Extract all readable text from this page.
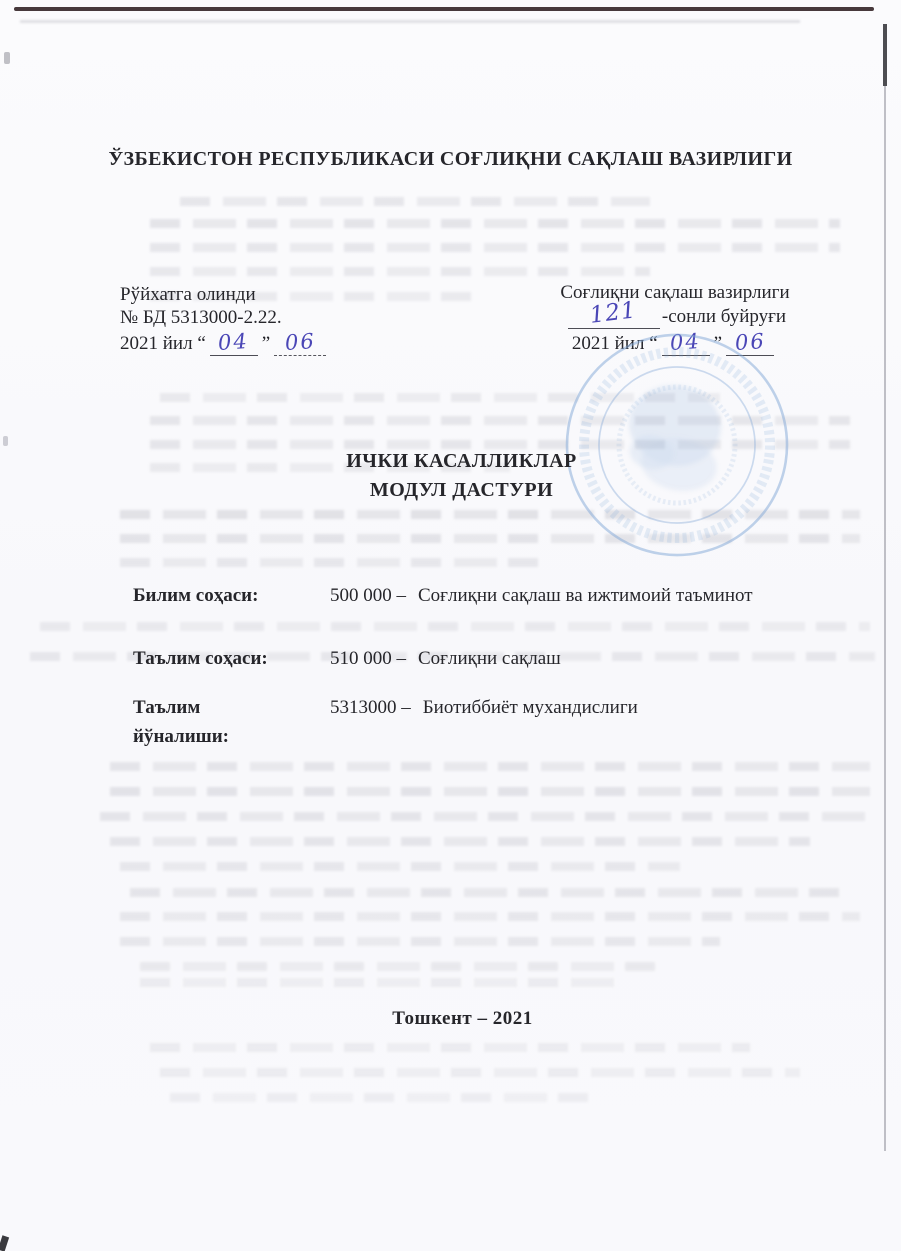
ЎЗБЕКИСТОН РЕСПУБЛИКАСИ СОҒЛИҚНИ САҚЛАШ ВАЗИРЛИГИ
Рўйхатга олинди
№ БД 5313000-2.22.
2021 йил “ 04 ” 06
Соғлиқни сақлаш вазирлиги
121 -сонли буйруғи
2021 йил “ 04 ” 06
ИЧКИ КАСАЛЛИКЛАР
МОДУЛ ДАСТУРИ
Билим соҳаси:	500 000 – Соғлиқни сақлаш ва ижтимоий таъминот
Таълим соҳаси:	510 000 – Соғлиқни сақлаш
Таълим
йўналиши:
5313000 – Биотиббиёт мухандислиги
Тошкент – 2021
